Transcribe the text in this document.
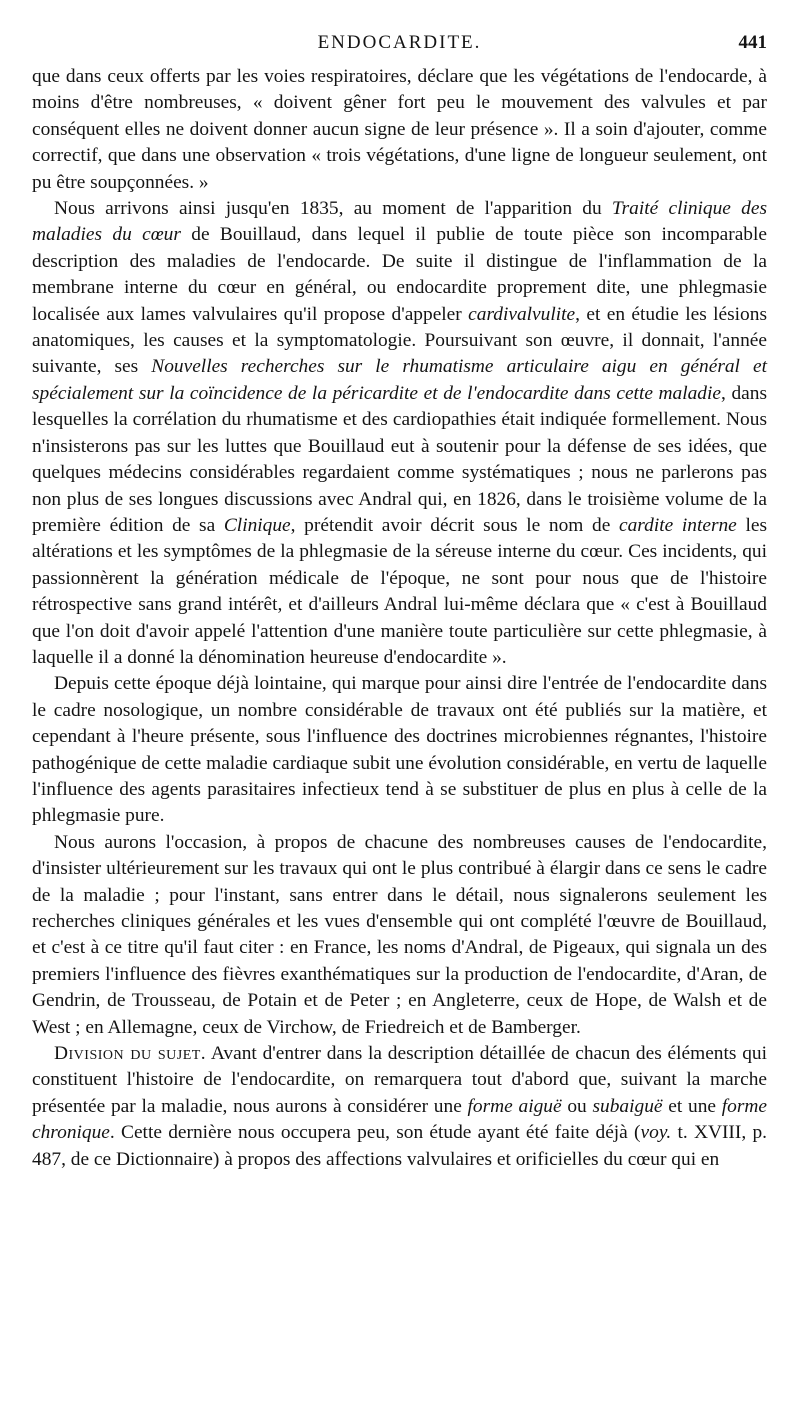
ENDOCARDITE.	441

que dans ceux offerts par les voies respiratoires, déclare que les végétations de l'endocarde, à moins d'être nombreuses, « doivent gêner fort peu le mouvement des valvules et par conséquent elles ne doivent donner aucun signe de leur présence ». Il a soin d'ajouter, comme correctif, que dans une observation « trois végétations, d'une ligne de longueur seulement, ont pu être soupçonnées. »

Nous arrivons ainsi jusqu'en 1835, au moment de l'apparition du Traité clinique des maladies du cœur de Bouillaud, dans lequel il publie de toute pièce son incomparable description des maladies de l'endocarde. De suite il distingue de l'inflammation de la membrane interne du cœur en général, ou endocardite proprement dite, une phlegmasie localisée aux lames valvulaires qu'il propose d'appeler cardivalvulite, et en étudie les lésions anatomiques, les causes et la symptomatologie. Poursuivant son œuvre, il donnait, l'année suivante, ses Nouvelles recherches sur le rhumatisme articulaire aigu en général et spécialement sur la coïncidence de la péricardite et de l'endocardite dans cette maladie, dans lesquelles la corrélation du rhumatisme et des cardiopathies était indiquée formellement. Nous n'insisterons pas sur les luttes que Bouillaud eut à soutenir pour la défense de ses idées, que quelques médecins considérables regardaient comme systématiques ; nous ne parlerons pas non plus de ses longues discussions avec Andral qui, en 1826, dans le troisième volume de la première édition de sa Clinique, prétendit avoir décrit sous le nom de cardite interne les altérations et les symptômes de la phlegmasie de la séreuse interne du cœur. Ces incidents, qui passionnèrent la génération médicale de l'époque, ne sont pour nous que de l'histoire rétrospective sans grand intérêt, et d'ailleurs Andral lui-même déclara que « c'est à Bouillaud que l'on doit d'avoir appelé l'attention d'une manière toute particulière sur cette phlegmasie, à laquelle il a donné la dénomination heureuse d'endocardite ».

Depuis cette époque déjà lointaine, qui marque pour ainsi dire l'entrée de l'endocardite dans le cadre nosologique, un nombre considérable de travaux ont été publiés sur la matière, et cependant à l'heure présente, sous l'influence des doctrines microbiennes régnantes, l'histoire pathogénique de cette maladie cardiaque subit une évolution considérable, en vertu de laquelle l'influence des agents parasitaires infectieux tend à se substituer de plus en plus à celle de la phlegmasie pure.

Nous aurons l'occasion, à propos de chacune des nombreuses causes de l'endocardite, d'insister ultérieurement sur les travaux qui ont le plus contribué à élargir dans ce sens le cadre de la maladie ; pour l'instant, sans entrer dans le détail, nous signalerons seulement les recherches cliniques générales et les vues d'ensemble qui ont complété l'œuvre de Bouillaud, et c'est à ce titre qu'il faut citer : en France, les noms d'Andral, de Pigeaux, qui signala un des premiers l'influence des fièvres exanthématiques sur la production de l'endocardite, d'Aran, de Gendrin, de Trousseau, de Potain et de Peter ; en Angleterre, ceux de Hope, de Walsh et de West ; en Allemagne, ceux de Virchow, de Friedreich et de Bamberger.

Division du sujet. Avant d'entrer dans la description détaillée de chacun des éléments qui constituent l'histoire de l'endocardite, on remarquera tout d'abord que, suivant la marche présentée par la maladie, nous aurons à considérer une forme aiguë ou subaiguë et une forme chronique. Cette dernière nous occupera peu, son étude ayant été faite déjà (voy. t. XVIII, p. 487, de ce Dictionnaire) à propos des affections valvulaires et orificielles du cœur qui en
